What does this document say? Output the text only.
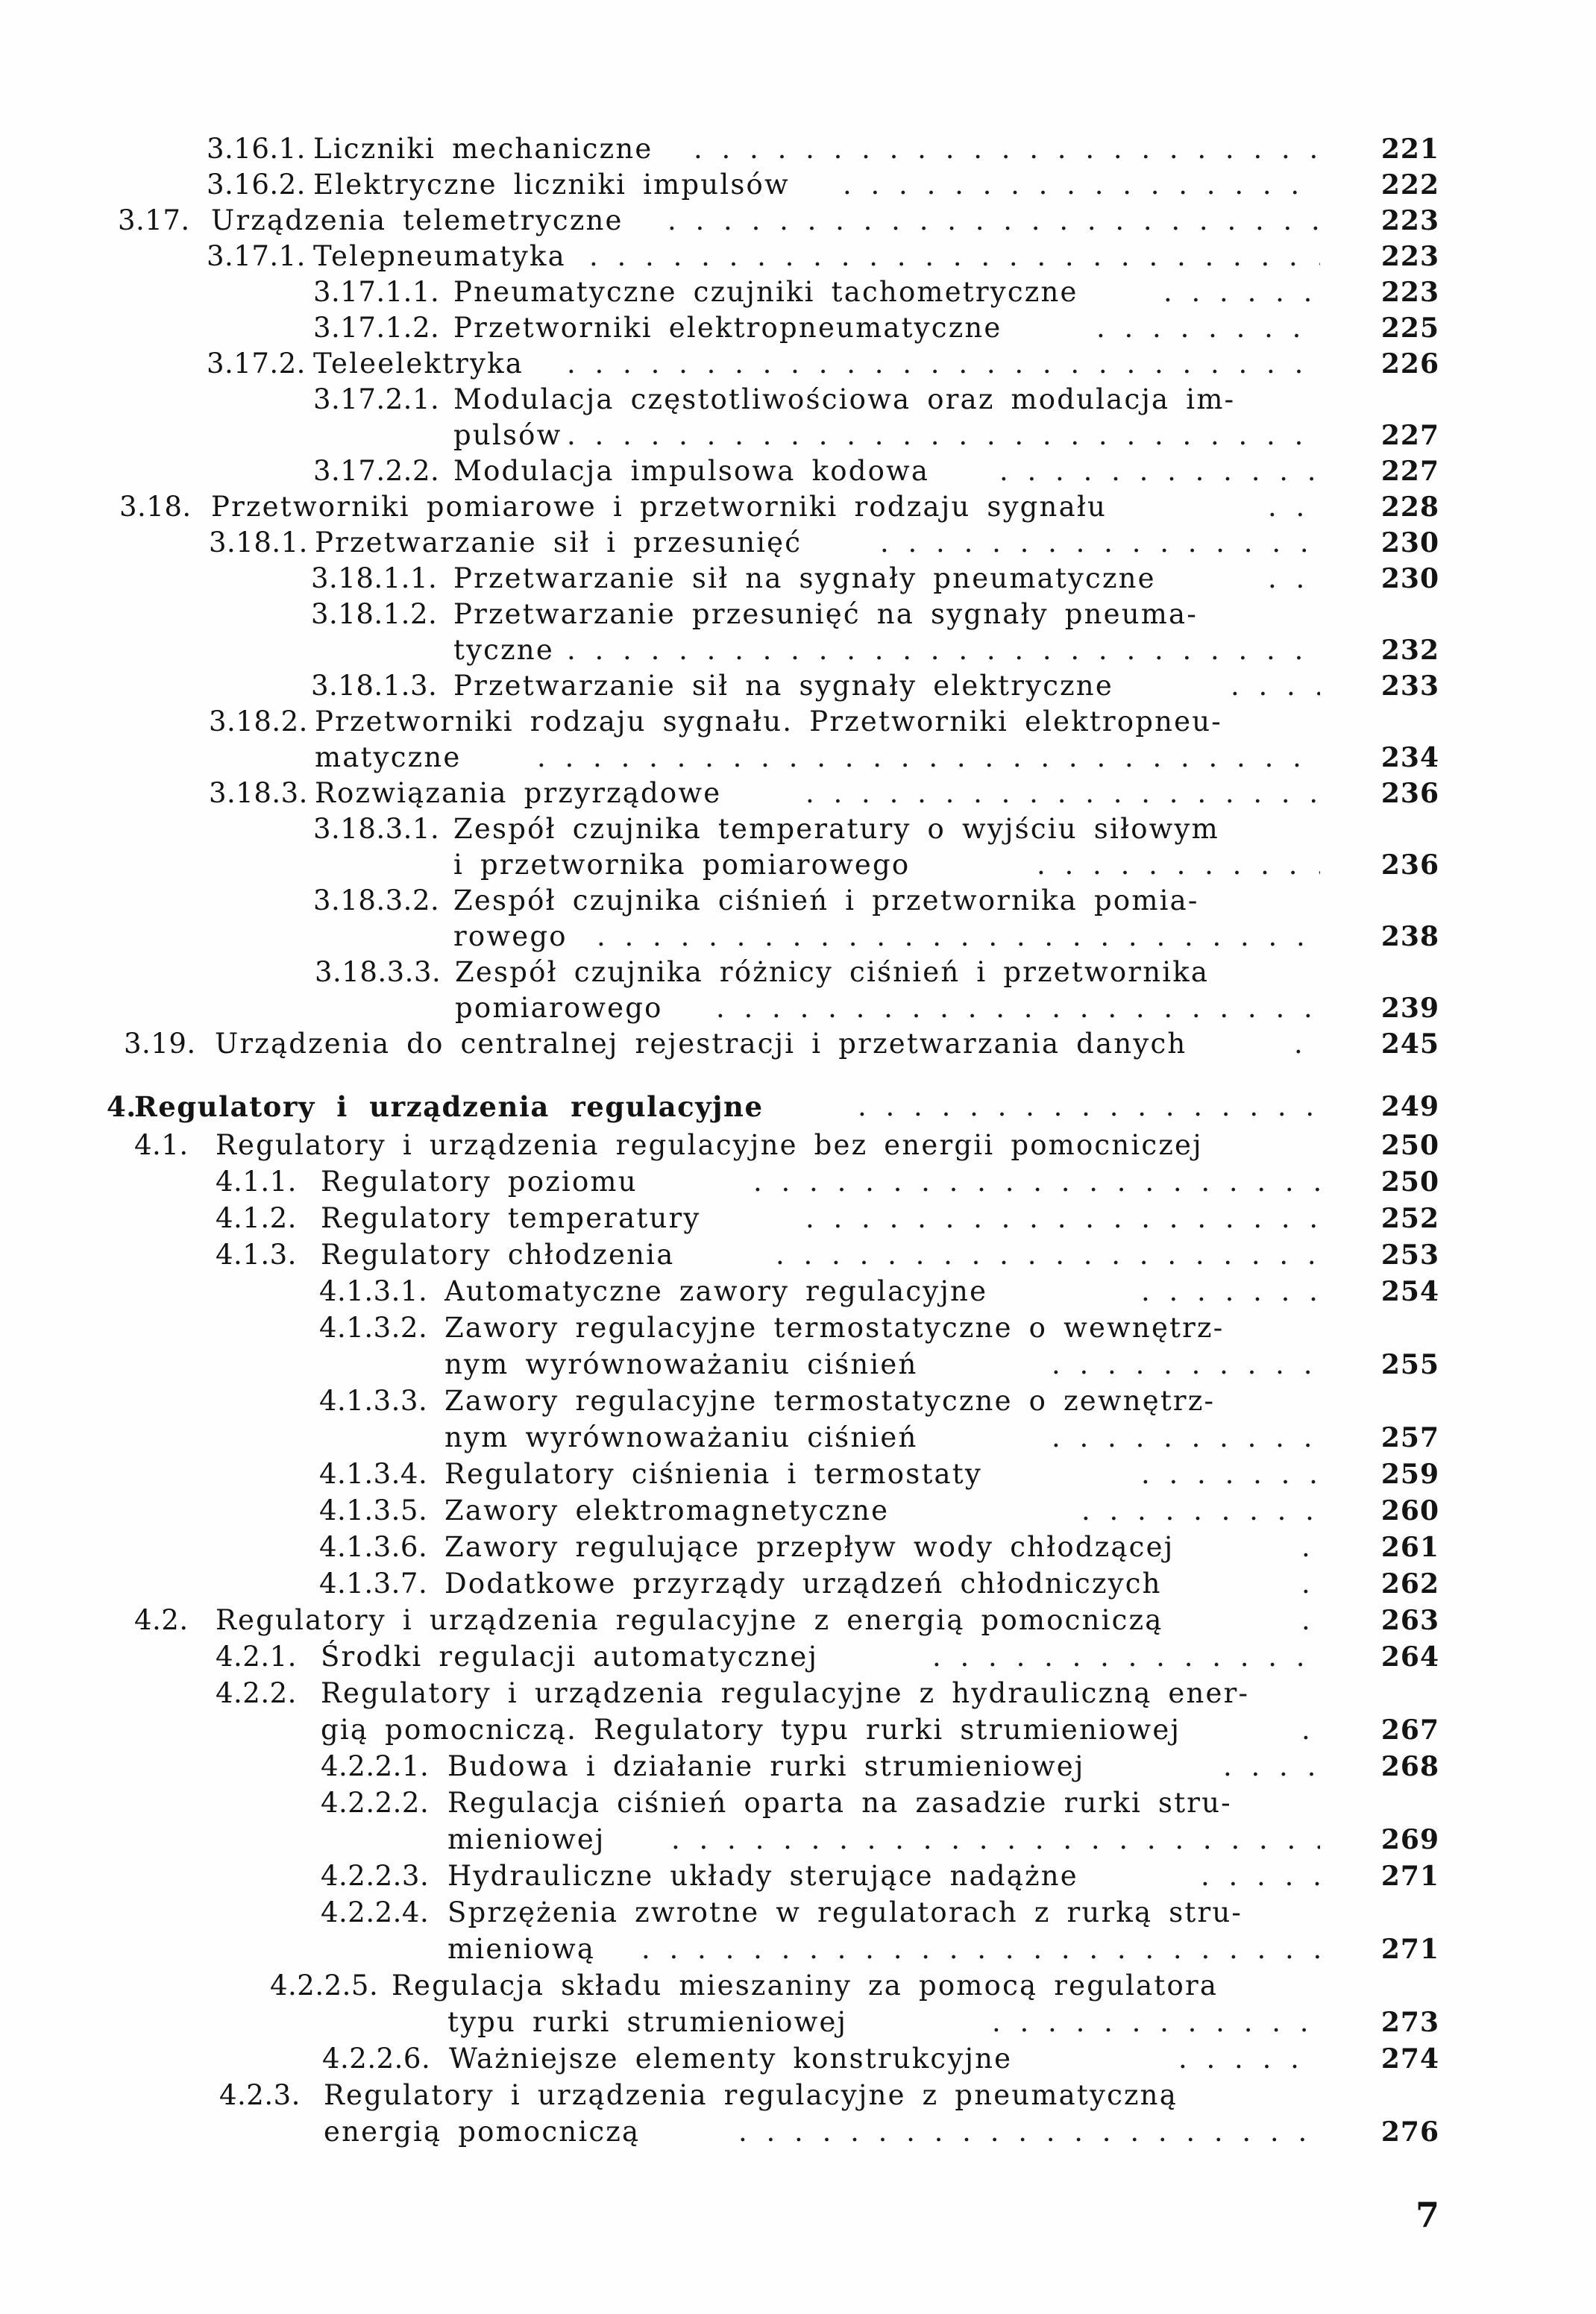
3.16.1. Liczniki mechaniczne . . .	221
3.16.2. Elektryczne liczniki impulsów . . .	222
3.17. Urządzenia telemetryczne . . .	223
3.17.1. Telepneumatyka . . .	223
3.17.1.1. Pneumatyczne czujniki tachometryczne . . .	223
3.17.1.2. Przetworniki elektropneumatyczne . . .	225
3.17.2. Teleelektryka . . .	226
3.17.2.1. Modulacja częstotliwościowa oraz modulacja im-
pulsów . . .	227
3.17.2.2. Modulacja impulsowa kodowa . . .	227
3.18. Przetworniki pomiarowe i przetworniki rodzaju sygnału . . .	228
3.18.1. Przetwarzanie sił i przesunięć . . .	230
3.18.1.1. Przetwarzanie sił na sygnały pneumatyczne . . .	230
3.18.1.2. Przetwarzanie przesunięć na sygnały pneuma-
tyczne . . .	232
3.18.1.3. Przetwarzanie sił na sygnały elektryczne . . .	233
3.18.2. Przetworniki rodzaju sygnału. Przetworniki elektropneu-
matyczne . . .	234
3.18.3. Rozwiązania przyrządowe . . .	236
3.18.3.1. Zespół czujnika temperatury o wyjściu siłowym
i przetwornika pomiarowego . . .	236
3.18.3.2. Zespół czujnika ciśnień i przetwornika pomia-
rowego . . .	238
3.18.3.3. Zespół czujnika różnicy ciśnień i przetwornika
pomiarowego . . .	239
3.19. Urządzenia do centralnej rejestracji i przetwarzania danych . . .	245
4.
Regulatory i urządzenia regulacyjne . . .	249
4.1. Regulatory i urządzenia regulacyjne bez energii pomocniczej	250
4.1.1. Regulatory poziomu . . .	250
4.1.2. Regulatory temperatury . . .	252
4.1.3. Regulatory chłodzenia . . .	253
4.1.3.1. Automatyczne zawory regulacyjne . . .	254
4.1.3.2. Zawory regulacyjne termostatyczne o wewnętrz-
nym wyrównoważaniu ciśnień . . .	255
4.1.3.3. Zawory regulacyjne termostatyczne o zewnętrz-
nym wyrównoważaniu ciśnień . . .	257
4.1.3.4. Regulatory ciśnienia i termostaty . . .	259
4.1.3.5. Zawory elektromagnetyczne . . .	260
4.1.3.6. Zawory regulujące przepływ wody chłodzącej . . .	261
4.1.3.7. Dodatkowe przyrządy urządzeń chłodniczych . . .	262
4.2. Regulatory i urządzenia regulacyjne z energią pomocniczą . . .	263
4.2.1. Środki regulacji automatycznej . . .	264
4.2.2. Regulatory i urządzenia regulacyjne z hydrauliczną ener-
gią pomocniczą. Regulatory typu rurki strumieniowej . . .	267
4.2.2.1. Budowa i działanie rurki strumieniowej . . .	268
4.2.2.2. Regulacja ciśnień oparta na zasadzie rurki stru-
mieniowej . . .	269
4.2.2.3. Hydrauliczne układy sterujące nadążne . . .	271
4.2.2.4. Sprzężenia zwrotne w regulatorach z rurką stru-
mieniową . . .	271
4.2.2.5. Regulacja składu mieszaniny za pomocą regulatora
typu rurki strumieniowej . . .	273
4.2.2.6. Ważniejsze elementy konstrukcyjne . . .	274
4.2.3. Regulatory i urządzenia regulacyjne z pneumatyczną
energią pomocniczą . . .	276
7
